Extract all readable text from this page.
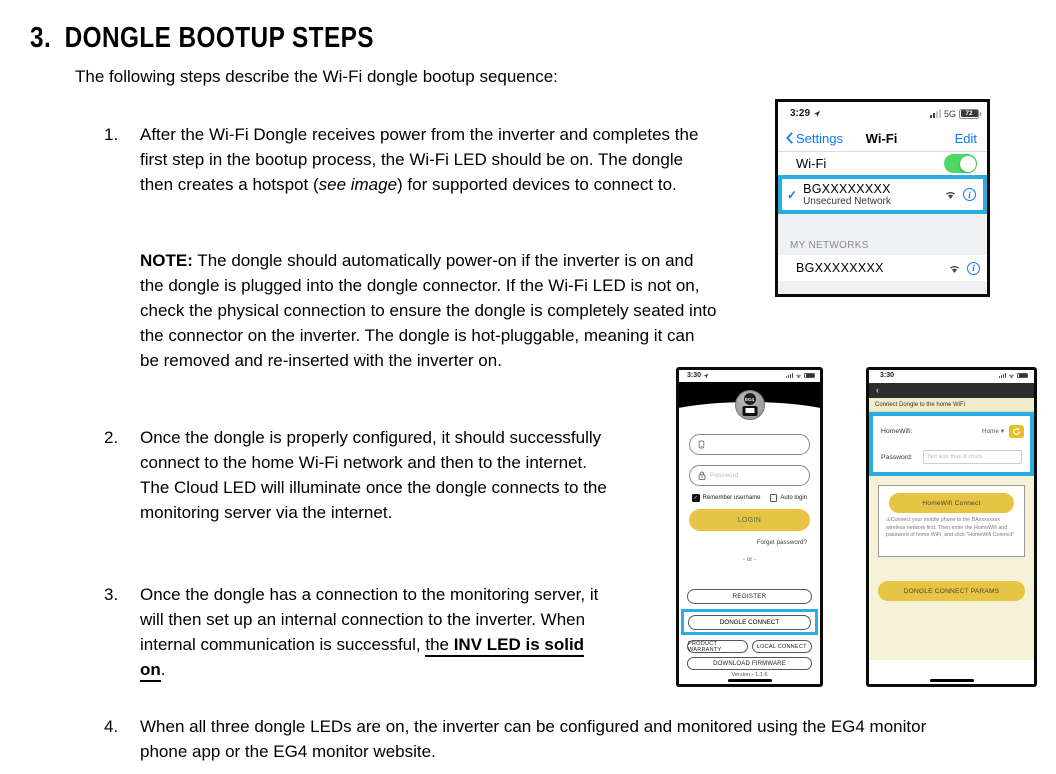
3. DONGLE BOOTUP STEPS

The following steps describe the Wi-Fi dongle bootup sequence:

1.	After the Wi-Fi Dongle receives power from the inverter and completes the first step in the bootup process, the Wi-Fi LED should be on. The dongle then creates a hotspot (see image) for supported devices to connect to.
NOTE: The dongle should automatically power-on if the inverter is on and the dongle is plugged into the dongle connector. If the Wi-Fi LED is not on, check the physical connection to ensure the dongle is completely seated into the connector on the inverter. The dongle is hot-pluggable, meaning it can be removed and re-inserted with the inverter on.
2.	Once the dongle is properly configured, it should successfully connect to the home Wi-Fi network and then to the internet. The Cloud LED will illuminate once the dongle connects to the monitoring server via the internet.
3.	Once the dongle has a connection to the monitoring server, it will then set up an internal connection to the inverter. When internal communication is successful, the INV LED is solid on.
4.	When all three dongle LEDs are on, the inverter can be configured and monitored using the EG4 monitor phone app or the EG4 monitor website.
3:29	5G	72
Settings Wi-Fi	Edit
Wi-Fi
✓ BGXXXXXXXX
Unsecured Network
i
MY NETWORKS
BGXXXXXXXX	i
3:30
EG4
Password
✓ Remember username	Auto login
LOGIN
Forget password?
- or -
REGISTER
DONGLE CONNECT
PRODUCT WARRANTY	LOCAL CONNECT
DOWNLOAD FIRMWARE
Version - 1.1.6
3:30
‹
Connect Dongle to the home WiFi
HomeWifi:	Home ▾
Password:	Not less than 8 chars
HomeWifi Connect
①Connect your mobile phone to the BAxxxxxxxx wireless network first. Then enter the HomeWifi and password of home WiFi, and click "HomeWifi Connect"
DONGLE CONNECT PARAMS
